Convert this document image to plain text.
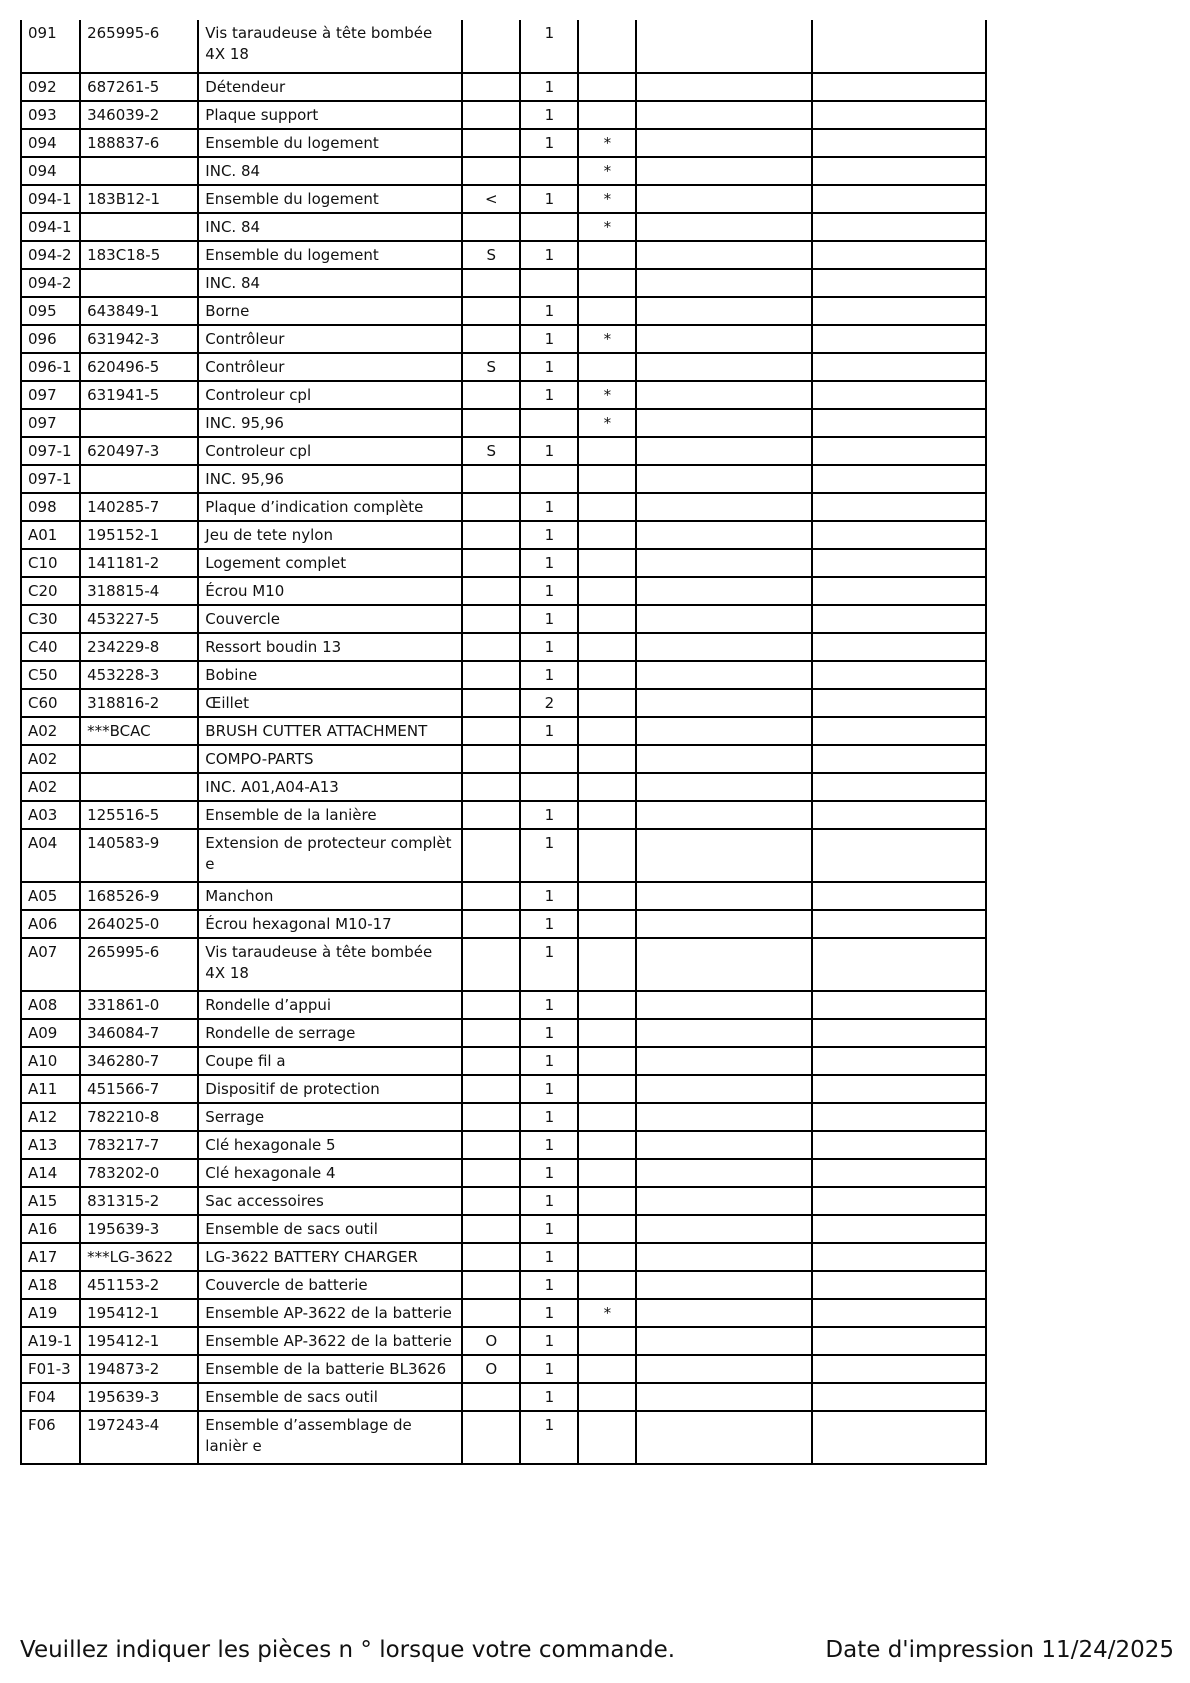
091	265995-6	Vis taraudeuse à tête bombée 4X 18		1			
092	687261-5	Détendeur		1			
093	346039-2	Plaque support		1			
094	188837-6	Ensemble du logement		1	*		
094		INC. 84			*		
094-1	183B12-1	Ensemble du logement	<	1	*		
094-1		INC. 84			*		
094-2	183C18-5	Ensemble du logement	S	1			
094-2		INC. 84					
095	643849-1	Borne		1			
096	631942-3	Contrôleur		1	*		
096-1	620496-5	Contrôleur	S	1			
097	631941-5	Controleur cpl		1	*		
097		INC. 95,96			*		
097-1	620497-3	Controleur cpl	S	1			
097-1		INC. 95,96					
098	140285-7	Plaque d’indication complète		1			
A01	195152-1	Jeu de tete nylon		1			
C10	141181-2	Logement complet		1			
C20	318815-4	Écrou M10		1			
C30	453227-5	Couvercle		1			
C40	234229-8	Ressort boudin 13		1			
C50	453228-3	Bobine		1			
C60	318816-2	Œillet		2			
A02	***BCAC	BRUSH CUTTER ATTACHMENT		1			
A02		COMPO-PARTS					
A02		INC. A01,A04-A13					
A03	125516-5	Ensemble de la lanière		1			
A04	140583-9	Extension de protecteur complèt e		1			
A05	168526-9	Manchon		1			
A06	264025-0	Écrou hexagonal M10-17		1			
A07	265995-6	Vis taraudeuse à tête bombée 4X 18		1			
A08	331861-0	Rondelle d’appui		1			
A09	346084-7	Rondelle de serrage		1			
A10	346280-7	Coupe fil a		1			
A11	451566-7	Dispositif de protection		1			
A12	782210-8	Serrage		1			
A13	783217-7	Clé hexagonale 5		1			
A14	783202-0	Clé hexagonale 4		1			
A15	831315-2	Sac accessoires		1			
A16	195639-3	Ensemble de sacs outil		1			
A17	***LG-3622	LG-3622 BATTERY CHARGER		1			
A18	451153-2	Couvercle de batterie		1			
A19	195412-1	Ensemble AP-3622 de la batterie		1	*		
A19-1	195412-1	Ensemble AP-3622 de la batterie	O	1			
F01-3	194873-2	Ensemble de la batterie BL3626	O	1			
F04	195639-3	Ensemble de sacs outil		1			
F06	197243-4	Ensemble d’assemblage de lanièr e		1			
Veuillez indiquer les pièces n ° lorsque votre commande.	Date d'impression 11/24/2025
